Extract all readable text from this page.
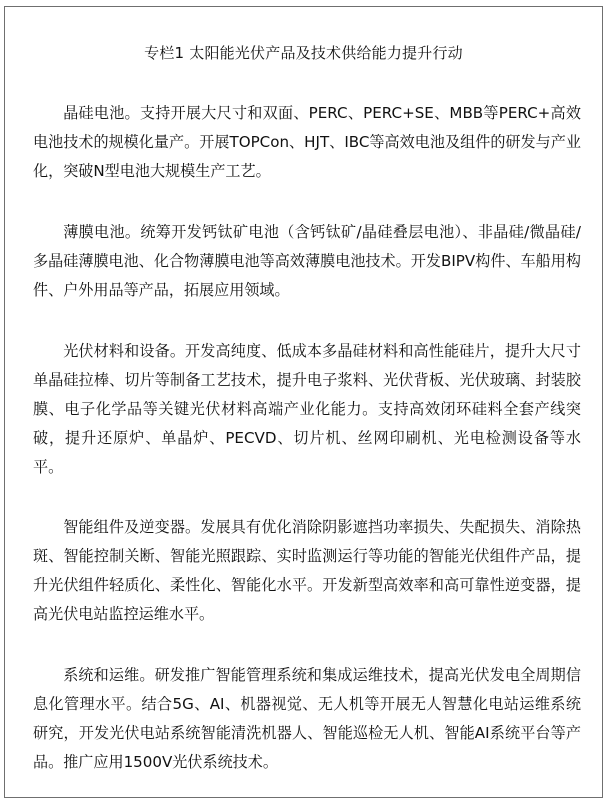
专栏1 太阳能光伏产品及技术供给能力提升行动

晶硅电池。支持开展大尺寸和双面、PERC、PERC+SE、MBB等PERC+高效电池技术的规模化量产。开展TOPCon、HJT、IBC等高效电池及组件的研发与产业化，突破N型电池大规模生产工艺。

薄膜电池。统筹开发钙钛矿电池（含钙钛矿/晶硅叠层电池）、非晶硅/微晶硅/多晶硅薄膜电池、化合物薄膜电池等高效薄膜电池技术。开发BIPV构件、车船用构件、户外用品等产品，拓展应用领域。

光伏材料和设备。开发高纯度、低成本多晶硅材料和高性能硅片，提升大尺寸单晶硅拉棒、切片等制备工艺技术，提升电子浆料、光伏背板、光伏玻璃、封装胶膜、电子化学品等关键光伏材料高端产业化能力。支持高效闭环硅料全套产线突破，提升还原炉、单晶炉、PECVD、切片机、丝网印刷机、光电检测设备等水平。

智能组件及逆变器。发展具有优化消除阴影遮挡功率损失、失配损失、消除热斑、智能控制关断、智能光照跟踪、实时监测运行等功能的智能光伏组件产品，提升光伏组件轻质化、柔性化、智能化水平。开发新型高效率和高可靠性逆变器，提高光伏电站监控运维水平。

系统和运维。研发推广智能管理系统和集成运维技术，提高光伏发电全周期信息化管理水平。结合5G、AI、机器视觉、无人机等开展无人智慧化电站运维系统研究，开发光伏电站系统智能清洗机器人、智能巡检无人机、智能AI系统平台等产品。推广应用1500V光伏系统技术。
